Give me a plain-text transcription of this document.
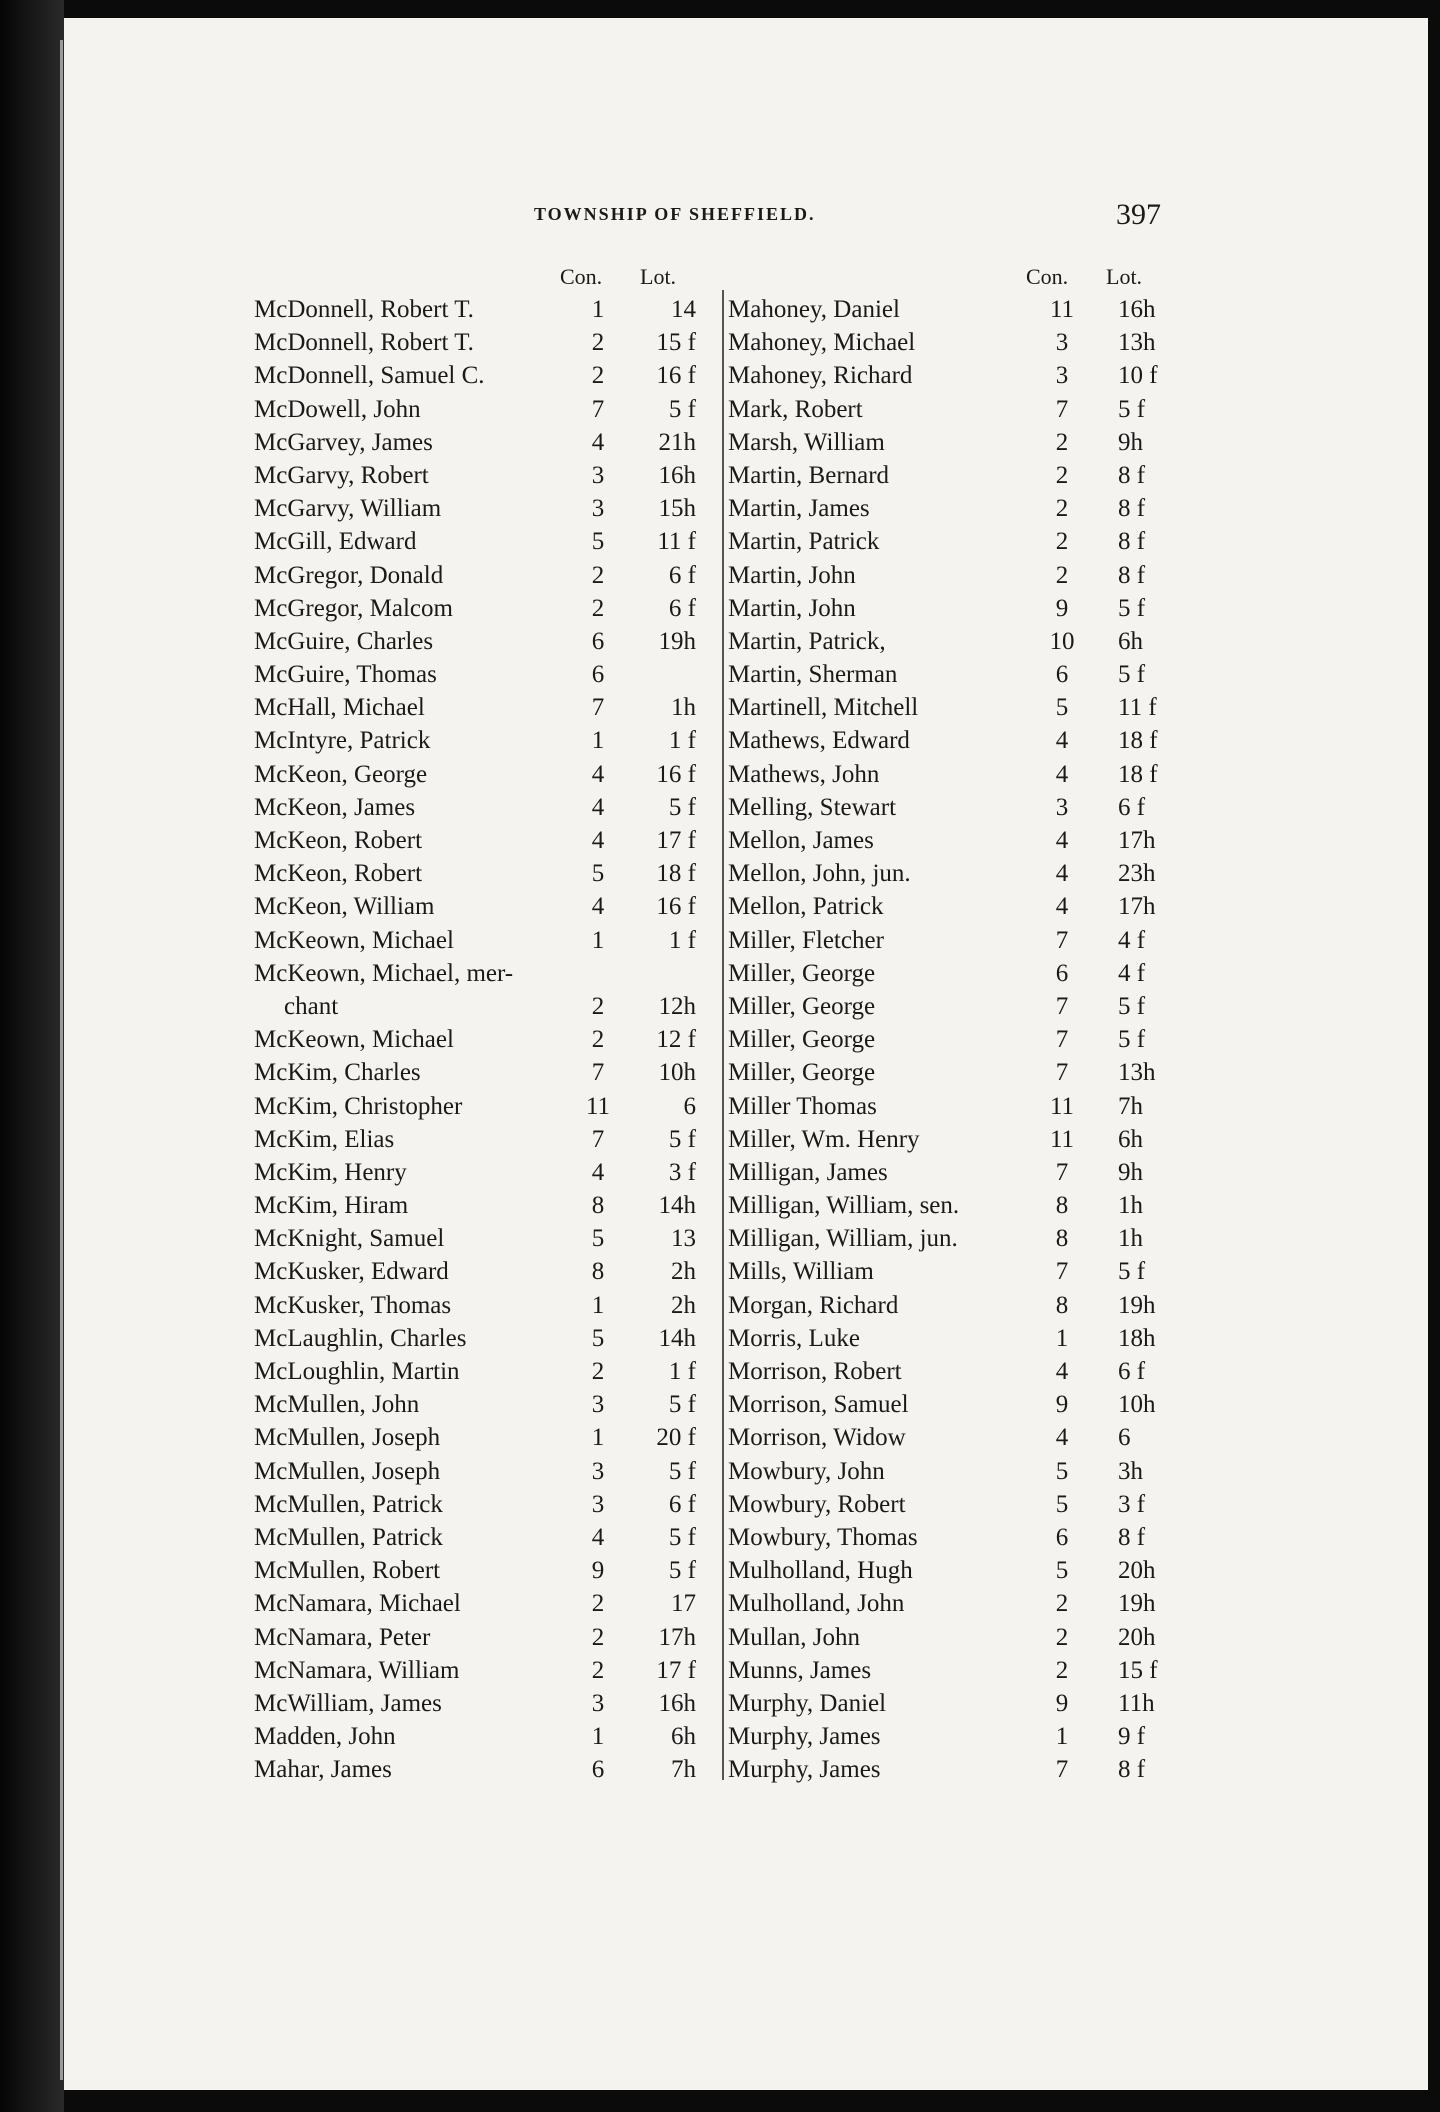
TOWNSHIP OF SHEFFIELD.	397
Con. Lot.	Con. Lot.
McDonnell, Robert T.	1	14
McDonnell, Robert T.	2	15 f
McDonnell, Samuel C.	2	16 f
McDowell, John	7	5 f
McGarvey, James	4	21h
McGarvy, Robert	3	16h
McGarvy, William	3	15h
McGill, Edward	5	11 f
McGregor, Donald	2	6 f
McGregor, Malcom	2	6 f
McGuire, Charles	6	19h
McGuire, Thomas	6
McHall, Michael	7	1h
McIntyre, Patrick	1	1 f
McKeon, George	4	16 f
McKeon, James	4	5 f
McKeon, Robert	4	17 f
McKeon, Robert	5	18 f
McKeon, William	4	16 f
McKeown, Michael	1	1 f
McKeown, Michael, mer-
chant	2	12h
McKeown, Michael	2	12 f
McKim, Charles	7	10h
McKim, Christopher	11	6
McKim, Elias	7	5 f
McKim, Henry	4	3 f
McKim, Hiram	8	14h
McKnight, Samuel	5	13
McKusker, Edward	8	2h
McKusker, Thomas	1	2h
McLaughlin, Charles	5	14h
McLoughlin, Martin	2	1 f
McMullen, John	3	5 f
McMullen, Joseph	1	20 f
McMullen, Joseph	3	5 f
McMullen, Patrick	3	6 f
McMullen, Patrick	4	5 f
McMullen, Robert	9	5 f
McNamara, Michael	2	17
McNamara, Peter	2	17h
McNamara, William	2	17 f
McWilliam, James	3	16h
Madden, John	1	6h
Mahar, James	6	7h
Mahoney, Daniel	11	16h
Mahoney, Michael	3	13h
Mahoney, Richard	3	10 f
Mark, Robert	7	5 f
Marsh, William	2	9h
Martin, Bernard	2	8 f
Martin, James	2	8 f
Martin, Patrick	2	8 f
Martin, John	2	8 f
Martin, John	9	5 f
Martin, Patrick,	10	6h
Martin, Sherman	6	5 f
Martinell, Mitchell	5	11 f
Mathews, Edward	4	18 f
Mathews, John	4	18 f
Melling, Stewart	3	6 f
Mellon, James	4	17h
Mellon, John, jun.	4	23h
Mellon, Patrick	4	17h
Miller, Fletcher	7	4 f
Miller, George	6	4 f
Miller, George	7	5 f
Miller, George	7	5 f
Miller, George	7	13h
Miller Thomas	11	7h
Miller, Wm. Henry	11	6h
Milligan, James	7	9h
Milligan, William, sen.	8	1h
Milligan, William, jun.	8	1h
Mills, William	7	5 f
Morgan, Richard	8	19h
Morris, Luke	1	18h
Morrison, Robert	4	6 f
Morrison, Samuel	9	10h
Morrison, Widow	4	6
Mowbury, John	5	3h
Mowbury, Robert	5	3 f
Mowbury, Thomas	6	8 f
Mulholland, Hugh	5	20h
Mulholland, John	2	19h
Mullan, John	2	20h
Munns, James	2	15 f
Murphy, Daniel	9	11h
Murphy, James	1	9 f
Murphy, James	7	8 f
